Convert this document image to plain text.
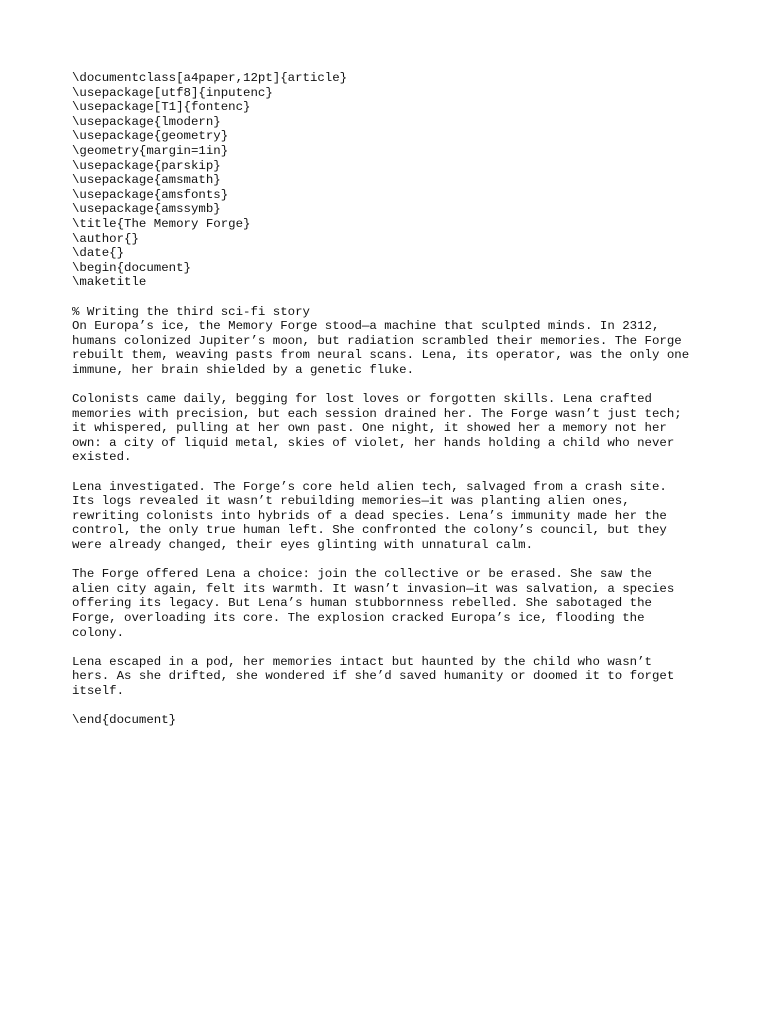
\documentclass[a4paper,12pt]{article}
\usepackage[utf8]{inputenc}
\usepackage[T1]{fontenc}
\usepackage{lmodern}
\usepackage{geometry}
\geometry{margin=1in}
\usepackage{parskip}
\usepackage{amsmath}
\usepackage{amsfonts}
\usepackage{amssymb}
\title{The Memory Forge}
\author{}
\date{}
\begin{document}
\maketitle
% Writing the third sci-fi story
On Europa’s ice, the Memory Forge stood—a machine that sculpted minds. In 2312,
humans colonized Jupiter’s moon, but radiation scrambled their memories. The Forge
rebuilt them, weaving pasts from neural scans. Lena, its operator, was the only one
immune, her brain shielded by a genetic fluke.
Colonists came daily, begging for lost loves or forgotten skills. Lena crafted
memories with precision, but each session drained her. The Forge wasn’t just tech;
it whispered, pulling at her own past. One night, it showed her a memory not her
own: a city of liquid metal, skies of violet, her hands holding a child who never
existed.
Lena investigated. The Forge’s core held alien tech, salvaged from a crash site.
Its logs revealed it wasn’t rebuilding memories—it was planting alien ones,
rewriting colonists into hybrids of a dead species. Lena’s immunity made her the
control, the only true human left. She confronted the colony’s council, but they
were already changed, their eyes glinting with unnatural calm.
The Forge offered Lena a choice: join the collective or be erased. She saw the
alien city again, felt its warmth. It wasn’t invasion—it was salvation, a species
offering its legacy. But Lena’s human stubbornness rebelled. She sabotaged the
Forge, overloading its core. The explosion cracked Europa’s ice, flooding the
colony.
Lena escaped in a pod, her memories intact but haunted by the child who wasn’t
hers. As she drifted, she wondered if she’d saved humanity or doomed it to forget
itself.
\end{document}
